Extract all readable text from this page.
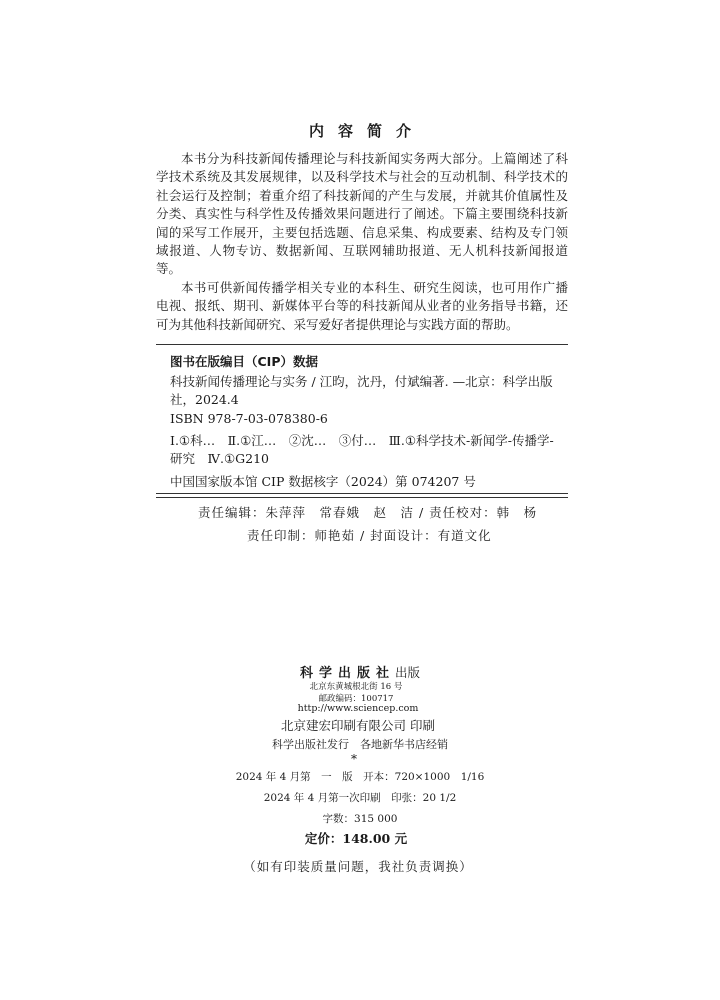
内容简介

本书分为科技新闻传播理论与科技新闻实务两大部分。上篇阐述了科学技术系统及其发展规律，以及科学技术与社会的互动机制、科学技术的社会运行及控制；着重介绍了科技新闻的产生与发展，并就其价值属性及分类、真实性与科学性及传播效果问题进行了阐述。下篇主要围绕科技新闻的采写工作展开，主要包括选题、信息采集、构成要素、结构及专门领域报道、人物专访、数据新闻、互联网辅助报道、无人机科技新闻报道等。

本书可供新闻传播学相关专业的本科生、研究生阅读，也可用作广播电视、报纸、期刊、新媒体平台等的科技新闻从业者的业务指导书籍，还可为其他科技新闻研究、采写爱好者提供理论与实践方面的帮助。

图书在版编目（CIP）数据
科技新闻传播理论与实务 / 江昀，沈丹，付斌编著. —北京：科学出版社，2024.4
ISBN 978-7-03-078380-6
Ⅰ.①科…　Ⅱ.①江…　②沈…　③付…　Ⅲ.①科学技术-新闻学-传播学-研究　Ⅳ.①G210
中国国家版本馆 CIP 数据核字（2024）第 074207 号
责任编辑：朱萍萍　常春娥　赵　洁 / 责任校对：韩　杨
责任印制：师艳茹 / 封面设计：有道文化
科学出版社出版
北京东黄城根北街 16 号
邮政编码：100717
http://www.sciencep.com
北京建宏印刷有限公司 印刷
科学出版社发行　各地新华书店经销
*
2024 年 4 月第　一　版　开本：720×1000　1/16
2024 年 4 月第一次印刷　印张：20 1/2
字数：315 000
定价：148.00 元
（如有印装质量问题，我社负责调换）
